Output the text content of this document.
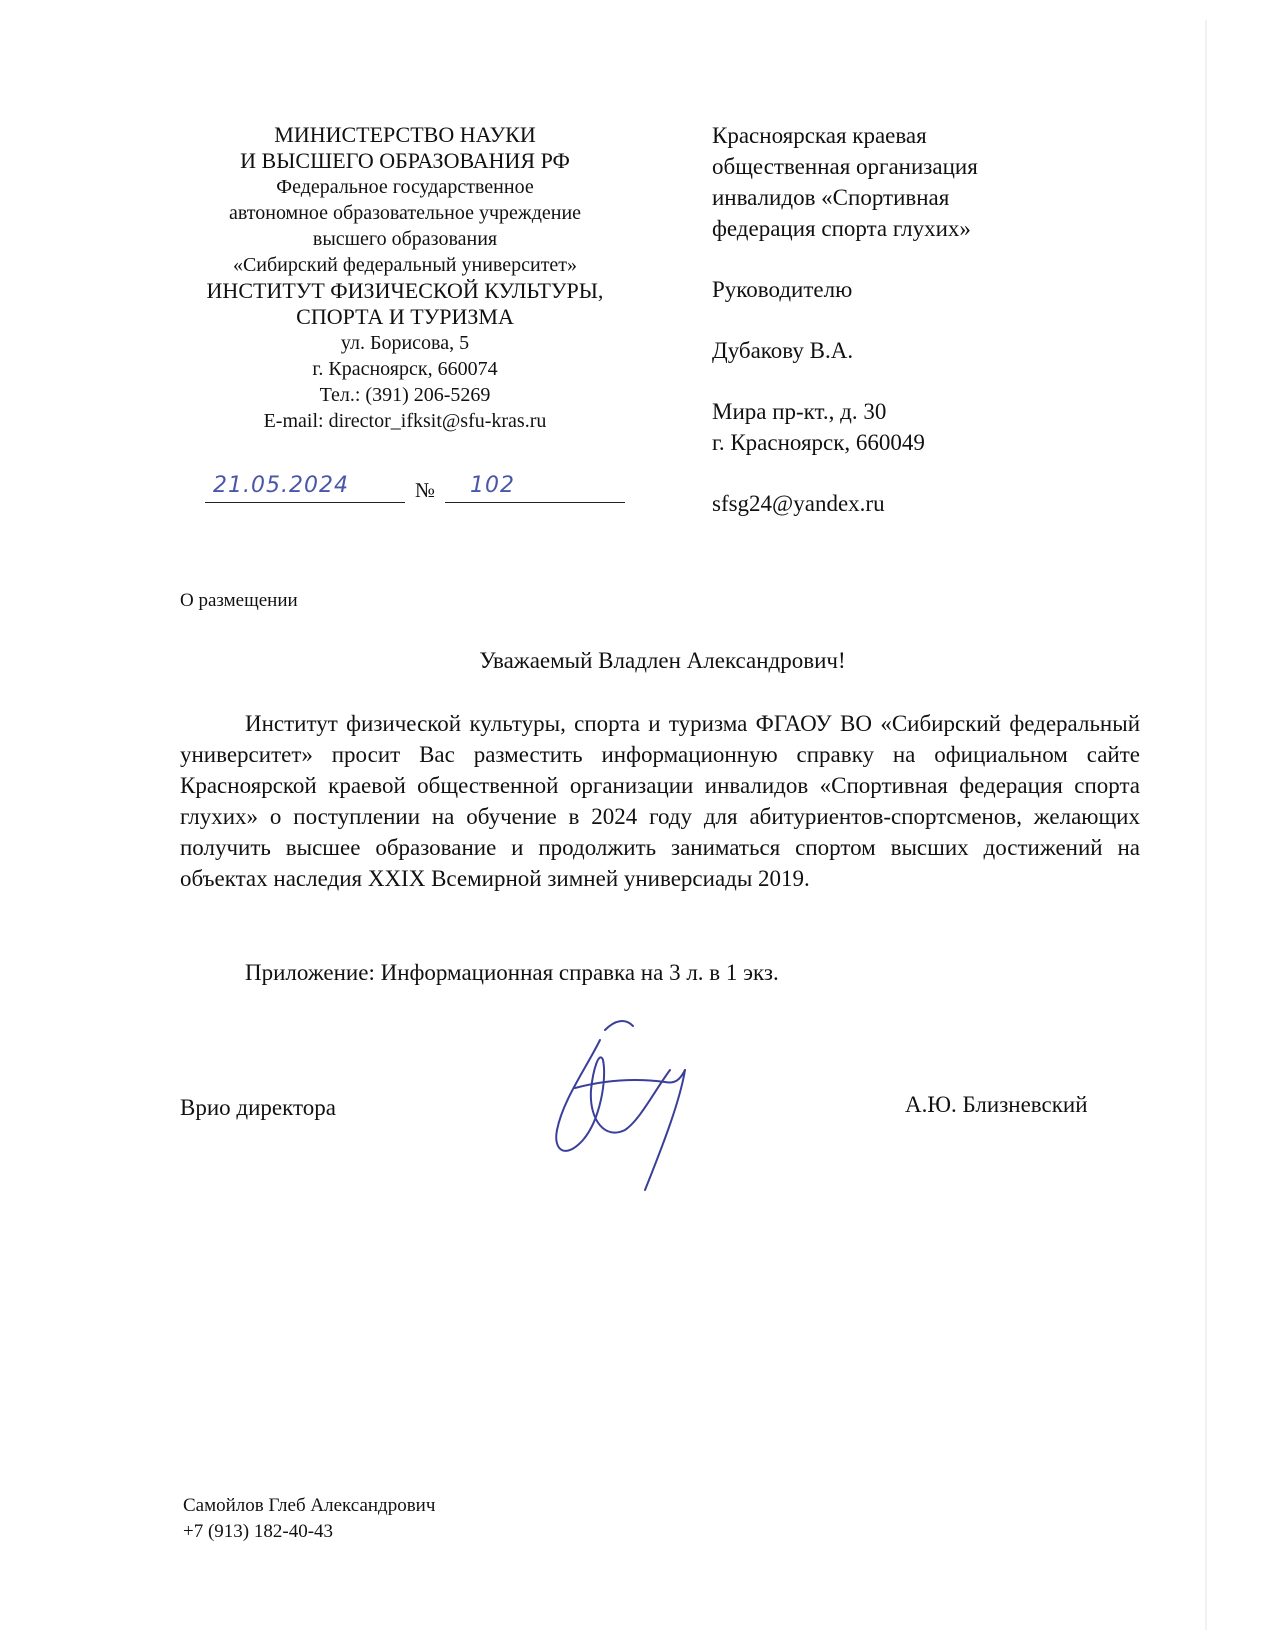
МИНИСТЕРСТВО НАУКИ
И ВЫСШЕГО ОБРАЗОВАНИЯ РФ
Федеральное государственное
автономное образовательное учреждение
высшего образования
«Сибирский федеральный университет»
ИНСТИТУТ ФИЗИЧЕСКОЙ КУЛЬТУРЫ,
СПОРТА И ТУРИЗМА
ул. Борисова, 5
г. Красноярск, 660074
Тел.: (391) 206-5269
E-mail: director_ifksit@sfu-kras.ru
21.05.2024	№ 102
Красноярская краевая
общественная организация
инвалидов «Спортивная
федерация спорта глухих»
Руководителю
Дубакову В.А.
Мира пр-кт., д. 30
г. Красноярск, 660049
sfsg24@yandex.ru
О размещении
Уважаемый Владлен Александрович!

Институт физической культуры, спорта и туризма ФГАОУ ВО «Сибирский федеральный университет» просит Вас разместить информационную справку на официальном сайте Красноярской краевой общественной организации инвалидов «Спортивная федерация спорта глухих» о поступлении на обучение в 2024 году для абитуриентов-спортсменов, желающих получить высшее образование и продолжить заниматься спортом высших достижений на объектах наследия XXIX Всемирной зимней универсиады 2019.

Приложение: Информационная справка на 3 л. в 1 экз.
Врио директора	А.Ю. Близневский
Самойлов Глеб Александрович
+7 (913) 182-40-43
